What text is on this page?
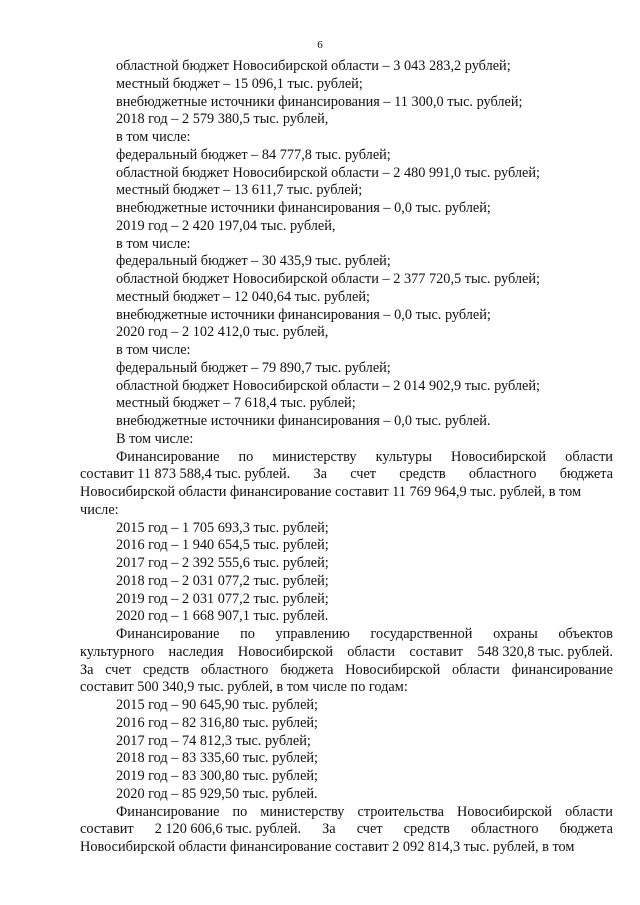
6
областной бюджет Новосибирской области – 3 043 283,2 рублей;
местный бюджет – 15 096,1 тыс. рублей;
внебюджетные источники финансирования – 11 300,0 тыс. рублей;
2018 год – 2 579 380,5 тыс. рублей,
в том числе:
федеральный бюджет – 84 777,8 тыс. рублей;
областной бюджет Новосибирской области – 2 480 991,0 тыс. рублей;
местный бюджет – 13 611,7 тыс. рублей;
внебюджетные источники финансирования – 0,0 тыс. рублей;
2019 год – 2 420 197,04 тыс. рублей,
в том числе:
федеральный бюджет – 30 435,9 тыс. рублей;
областной бюджет Новосибирской области – 2 377 720,5 тыс. рублей;
местный бюджет – 12 040,64 тыс. рублей;
внебюджетные источники финансирования – 0,0 тыс. рублей;
2020 год – 2 102 412,0 тыс. рублей,
в том числе:
федеральный бюджет – 79 890,7 тыс. рублей;
областной бюджет Новосибирской области – 2 014 902,9 тыс. рублей;
местный бюджет – 7 618,4 тыс. рублей;
внебюджетные источники финансирования – 0,0 тыс. рублей.
В том числе:
Финансирование по министерству культуры Новосибирской области
составит 11 873 588,4 тыс. рублей. За счет средств областного бюджета
Новосибирской области финансирование составит 11 769 964,9 тыс. рублей, в том
числе:
2015 год – 1 705 693,3 тыс. рублей;
2016 год – 1 940 654,5 тыс. рублей;
2017 год – 2 392 555,6 тыс. рублей;
2018 год – 2 031 077,2 тыс. рублей;
2019 год – 2 031 077,2 тыс. рублей;
2020 год – 1 668 907,1 тыс. рублей.
Финансирование по управлению государственной охраны объектов
культурного наследия Новосибирской области составит 548 320,8 тыс. рублей.
За счет средств областного бюджета Новосибирской области финансирование
составит 500 340,9 тыс. рублей, в том числе по годам:
2015 год – 90 645,90 тыс. рублей;
2016 год – 82 316,80 тыс. рублей;
2017 год – 74 812,3 тыс. рублей;
2018 год – 83 335,60 тыс. рублей;
2019 год – 83 300,80 тыс. рублей;
2020 год – 85 929,50 тыс. рублей.
Финансирование по министерству строительства Новосибирской области
составит 2 120 606,6 тыс. рублей. За счет средств областного бюджета
Новосибирской области финансирование составит 2 092 814,3 тыс. рублей, в том
